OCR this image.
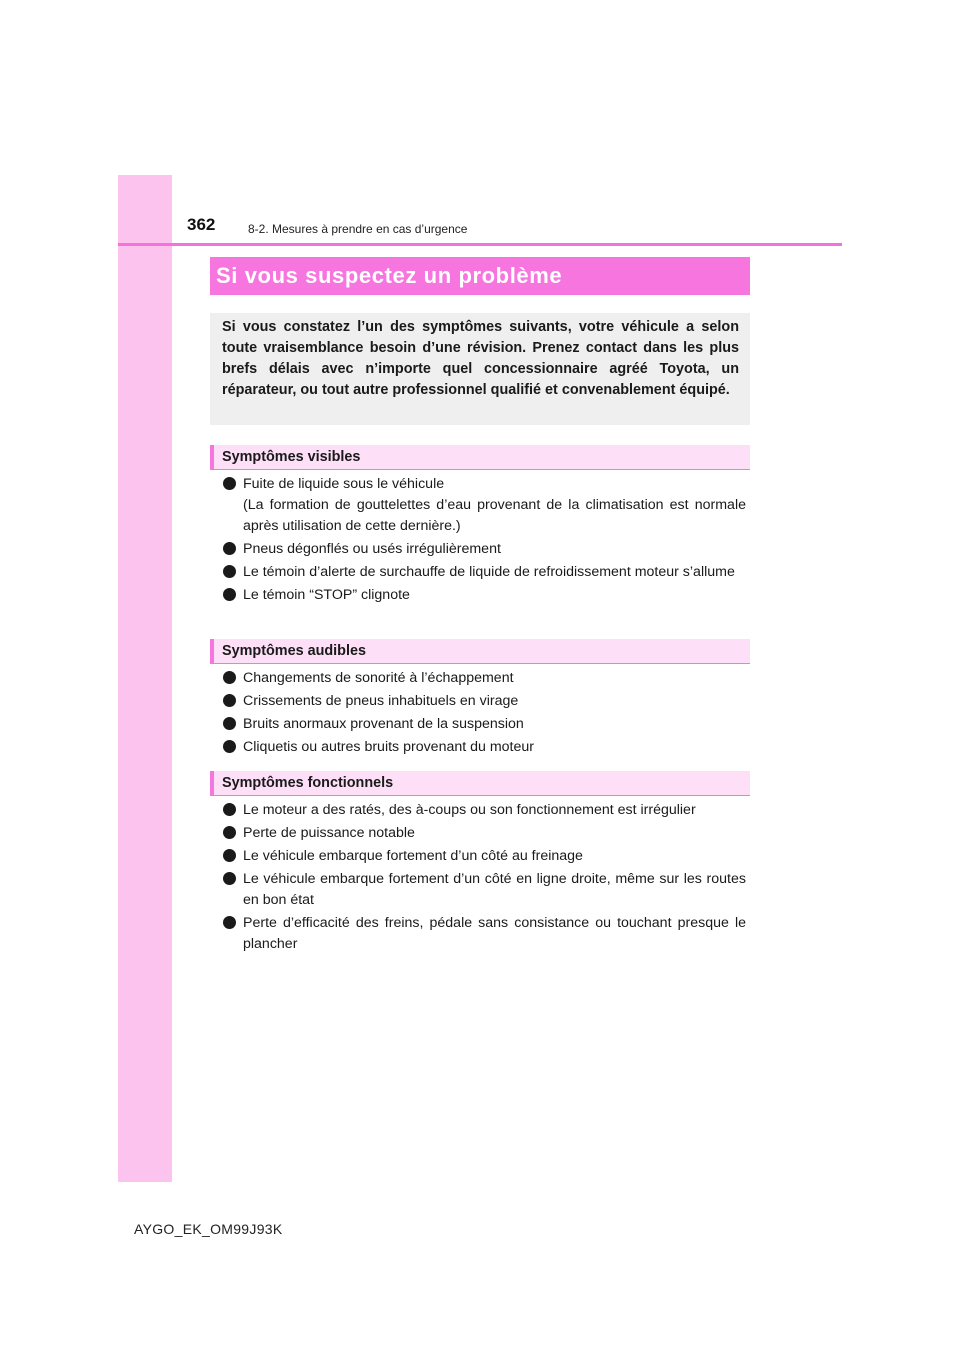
362	8-2. Mesures à prendre en cas d’urgence
Si vous suspectez un problème
Si vous constatez l’un des symptômes suivants, votre véhicule a selon toute vraisemblance besoin d’une révision. Prenez contact dans les plus brefs délais avec n’importe quel concessionnaire agréé Toyota, un réparateur, ou tout autre professionnel qualifié et convenablement équipé.
Symptômes visibles
Fuite de liquide sous le véhicule
(La formation de gouttelettes d’eau provenant de la climatisation est normale après utilisation de cette dernière.)
Pneus dégonflés ou usés irrégulièrement
Le témoin d’alerte de surchauffe de liquide de refroidissement moteur s’allume
Le témoin “STOP” clignote
Symptômes audibles
Changements de sonorité à l’échappement
Crissements de pneus inhabituels en virage
Bruits anormaux provenant de la suspension
Cliquetis ou autres bruits provenant du moteur
Symptômes fonctionnels
Le moteur a des ratés, des à-coups ou son fonctionnement est irrégulier
Perte de puissance notable
Le véhicule embarque fortement d’un côté au freinage
Le véhicule embarque fortement d’un côté en ligne droite, même sur les routes en bon état
Perte d’efficacité des freins, pédale sans consistance ou touchant presque le plancher
AYGO_EK_OM99J93K
